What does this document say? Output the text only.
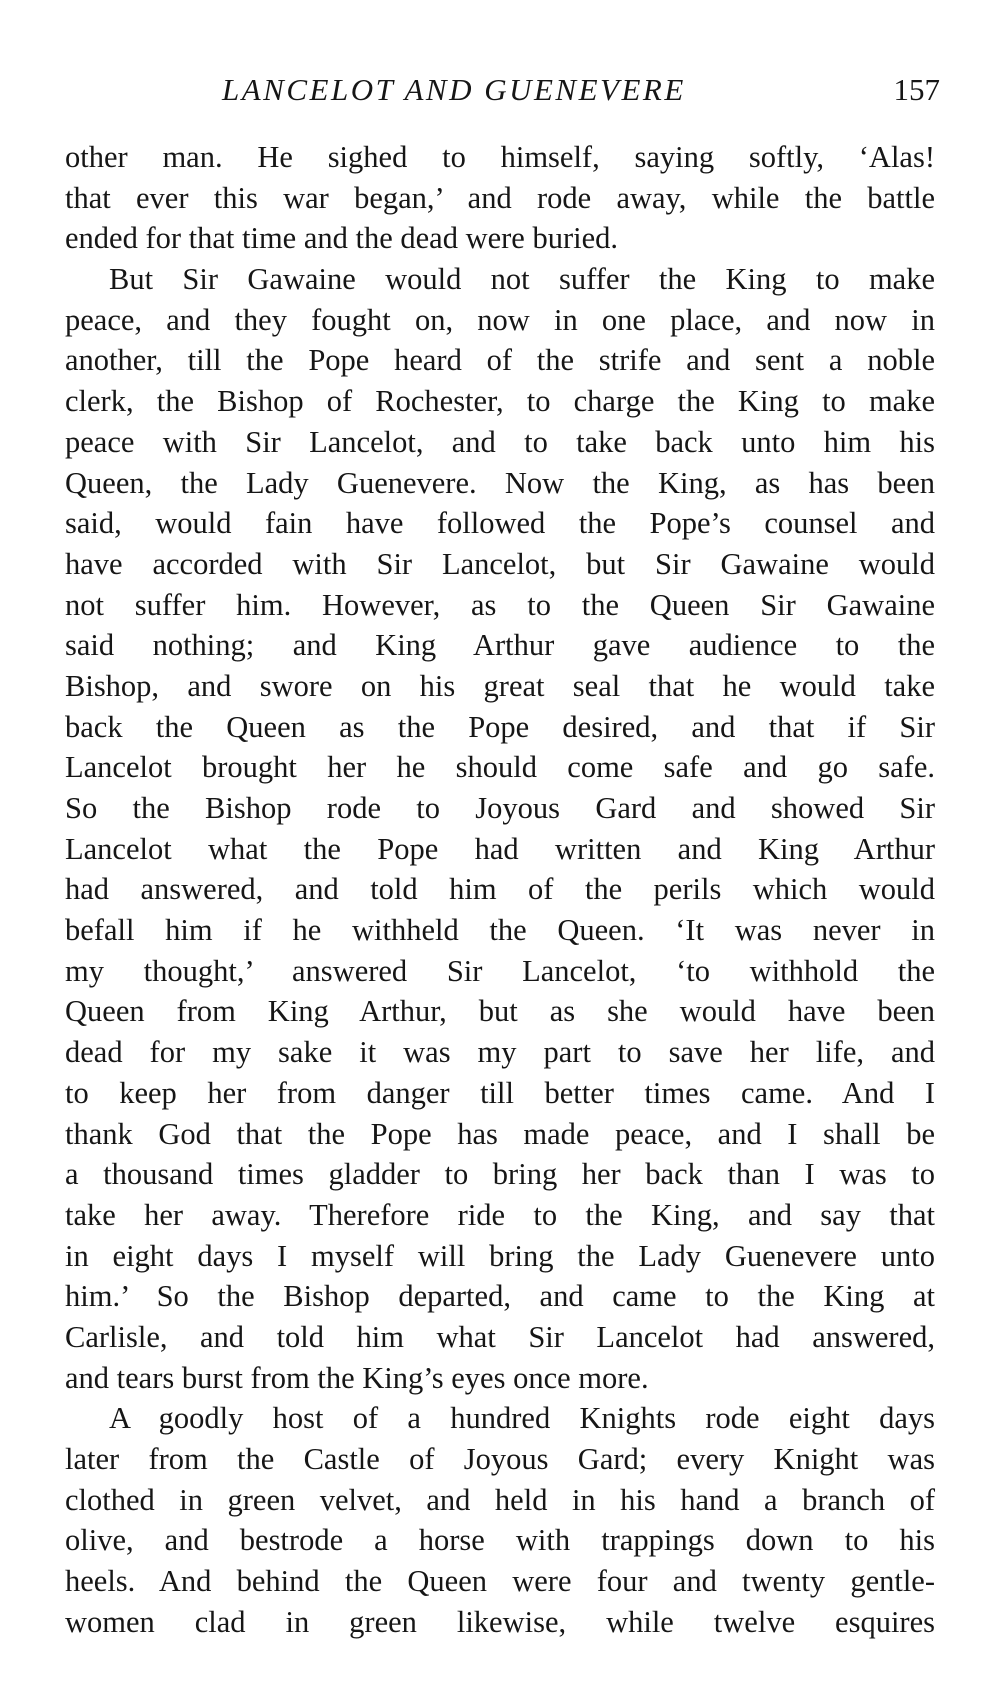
LANCELOT AND GUENEVERE	157
other man. He sighed to himself, saying softly, ‘Alas!
that ever this war began,’ and rode away, while the battle
ended for that time and the dead were buried.
But Sir Gawaine would not suffer the King to make
peace, and they fought on, now in one place, and now in
another, till the Pope heard of the strife and sent a noble
clerk, the Bishop of Rochester, to charge the King to make
peace with Sir Lancelot, and to take back unto him his
Queen, the Lady Guenevere. Now the King, as has been
said, would fain have followed the Pope’s counsel and
have accorded with Sir Lancelot, but Sir Gawaine would
not suffer him. However, as to the Queen Sir Gawaine
said nothing; and King Arthur gave audience to the
Bishop, and swore on his great seal that he would take
back the Queen as the Pope desired, and that if Sir
Lancelot brought her he should come safe and go safe.
So the Bishop rode to Joyous Gard and showed Sir
Lancelot what the Pope had written and King Arthur
had answered, and told him of the perils which would
befall him if he withheld the Queen. ‘It was never in
my thought,’ answered Sir Lancelot, ‘to withhold the
Queen from King Arthur, but as she would have been
dead for my sake it was my part to save her life, and
to keep her from danger till better times came. And I
thank God that the Pope has made peace, and I shall be
a thousand times gladder to bring her back than I was to
take her away. Therefore ride to the King, and say that
in eight days I myself will bring the Lady Guenevere unto
him.’ So the Bishop departed, and came to the King at
Carlisle, and told him what Sir Lancelot had answered,
and tears burst from the King’s eyes once more.
A goodly host of a hundred Knights rode eight days
later from the Castle of Joyous Gard; every Knight was
clothed in green velvet, and held in his hand a branch of
olive, and bestrode a horse with trappings down to his
heels. And behind the Queen were four and twenty gentle-
women clad in green likewise, while twelve esquires
